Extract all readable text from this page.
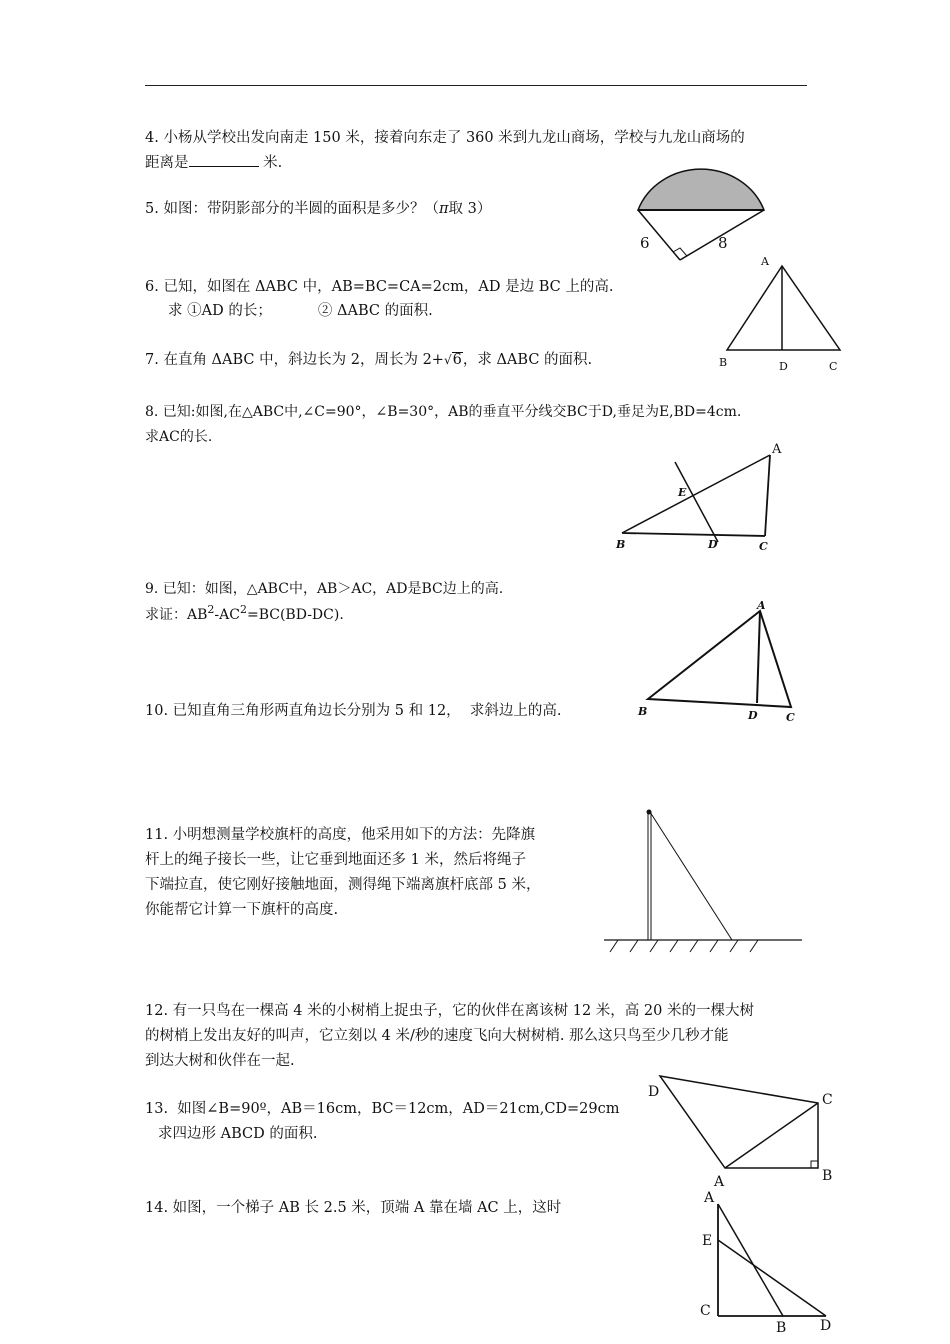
4. 小杨从学校出发向南走 150 米，接着向东走了 360 米到九龙山商场，学校与九龙山商场的
距离是	米.
5. 如图：带阴影部分的半圆的面积是多少？（π取 3）
6. 已知，如图在 ΔABC 中，AB=BC=CA=2cm，AD 是边 BC 上的高.
求 ①AD 的长；          ② ΔABC 的面积.
7. 在直角 ΔABC 中，斜边长为 2，周长为 2+√6，求 ΔABC 的面积.
8. 已知:如图,在△ABC中,∠C=90°，∠B=30°，AB的垂直平分线交BC于D,垂足为E,BD=4cm.
求AC的长.
9. 已知：如图，△ABC中，AB＞AC，AD是BC边上的高.
求证：$AB^2-AC^2=BC(BD-DC)$.
10. 已知直角三角形两直角边长分别为 5 和 12，  求斜边上的高.
11. 小明想测量学校旗杆的高度，他采用如下的方法：先降旗
杆上的绳子接长一些，让它垂到地面还多 1 米，然后将绳子
下端拉直，使它刚好接触地面，测得绳下端离旗杆底部 5 米，
你能帮它计算一下旗杆的高度.
12. 有一只鸟在一棵高 4 米的小树梢上捉虫子，它的伙伴在离该树 12 米，高 20 米的一棵大树
的树梢上发出友好的叫声，它立刻以 4 米/秒的速度飞向大树树梢. 那么这只鸟至少几秒才能
到达大树和伙伴在一起.
13.  如图∠B=90º，AB＝16cm，BC＝12cm，AD＝21cm,CD=29cm
求四边形 ABCD 的面积.
14. 如图，一个梯子 AB 长 2.5 米，顶端 A 靠在墙 AC 上，这时
6	8
A
B	D	C
A
B
E
D	C
A
B	D	C
D	C
A	B
A
E
C
B D
